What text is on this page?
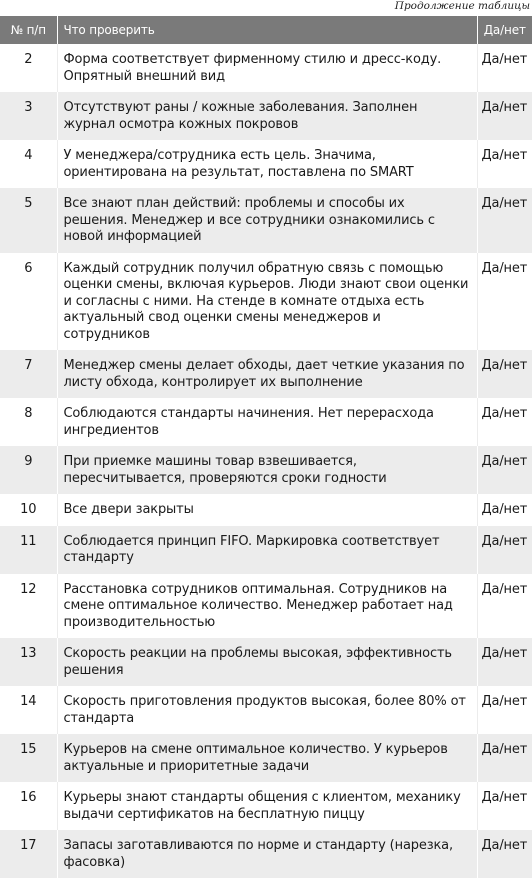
Продолжение таблицы
№ п/п	Что проверить	Да/нет
2	Форма соответствует фирменному стилю и дресс-коду. Опрятный внешний вид	Да/нет
3	Отсутствуют раны / кожные заболевания. Заполнен журнал осмотра кожных покровов	Да/нет
4	У менеджера/сотрудника есть цель. Значима, ориентирована на результат, поставлена по SMART	Да/нет
5	Все знают план действий: проблемы и способы их решения. Менеджер и все сотрудники ознакомились с новой информацией	Да/нет
6	Каждый сотрудник получил обратную связь с помощью оценки смены, включая курьеров. Люди знают свои оценки и согласны с ними. На стенде в комнате отдыха есть актуальный свод оценки смены менеджеров и сотрудников	Да/нет
7	Менеджер смены делает обходы, дает четкие указания по листу обхода, контролирует их выполнение	Да/нет
8	Соблюдаются стандарты начинения. Нет перерасхода ингредиентов	Да/нет
9	При приемке машины товар взвешивается, пересчитывается, проверяются сроки годности	Да/нет
10	Все двери закрыты	Да/нет
11	Соблюдается принцип FIFO. Маркировка соответствует стандарту	Да/нет
12	Расстановка сотрудников оптимальная. Сотрудников на смене оптимальное количество. Менеджер работает над производительностью	Да/нет
13	Скорость реакции на проблемы высокая, эффективность решения	Да/нет
14	Скорость приготовления продуктов высокая, более 80% от стандарта	Да/нет
15	Курьеров на смене оптимальное количество. У курьеров актуальные и приоритетные задачи	Да/нет
16	Курьеры знают стандарты общения с клиентом, механику выдачи сертификатов на бесплатную пиццу	Да/нет
17	Запасы заготавливаются по норме и стандарту (нарезка, фасовка)	Да/нет
